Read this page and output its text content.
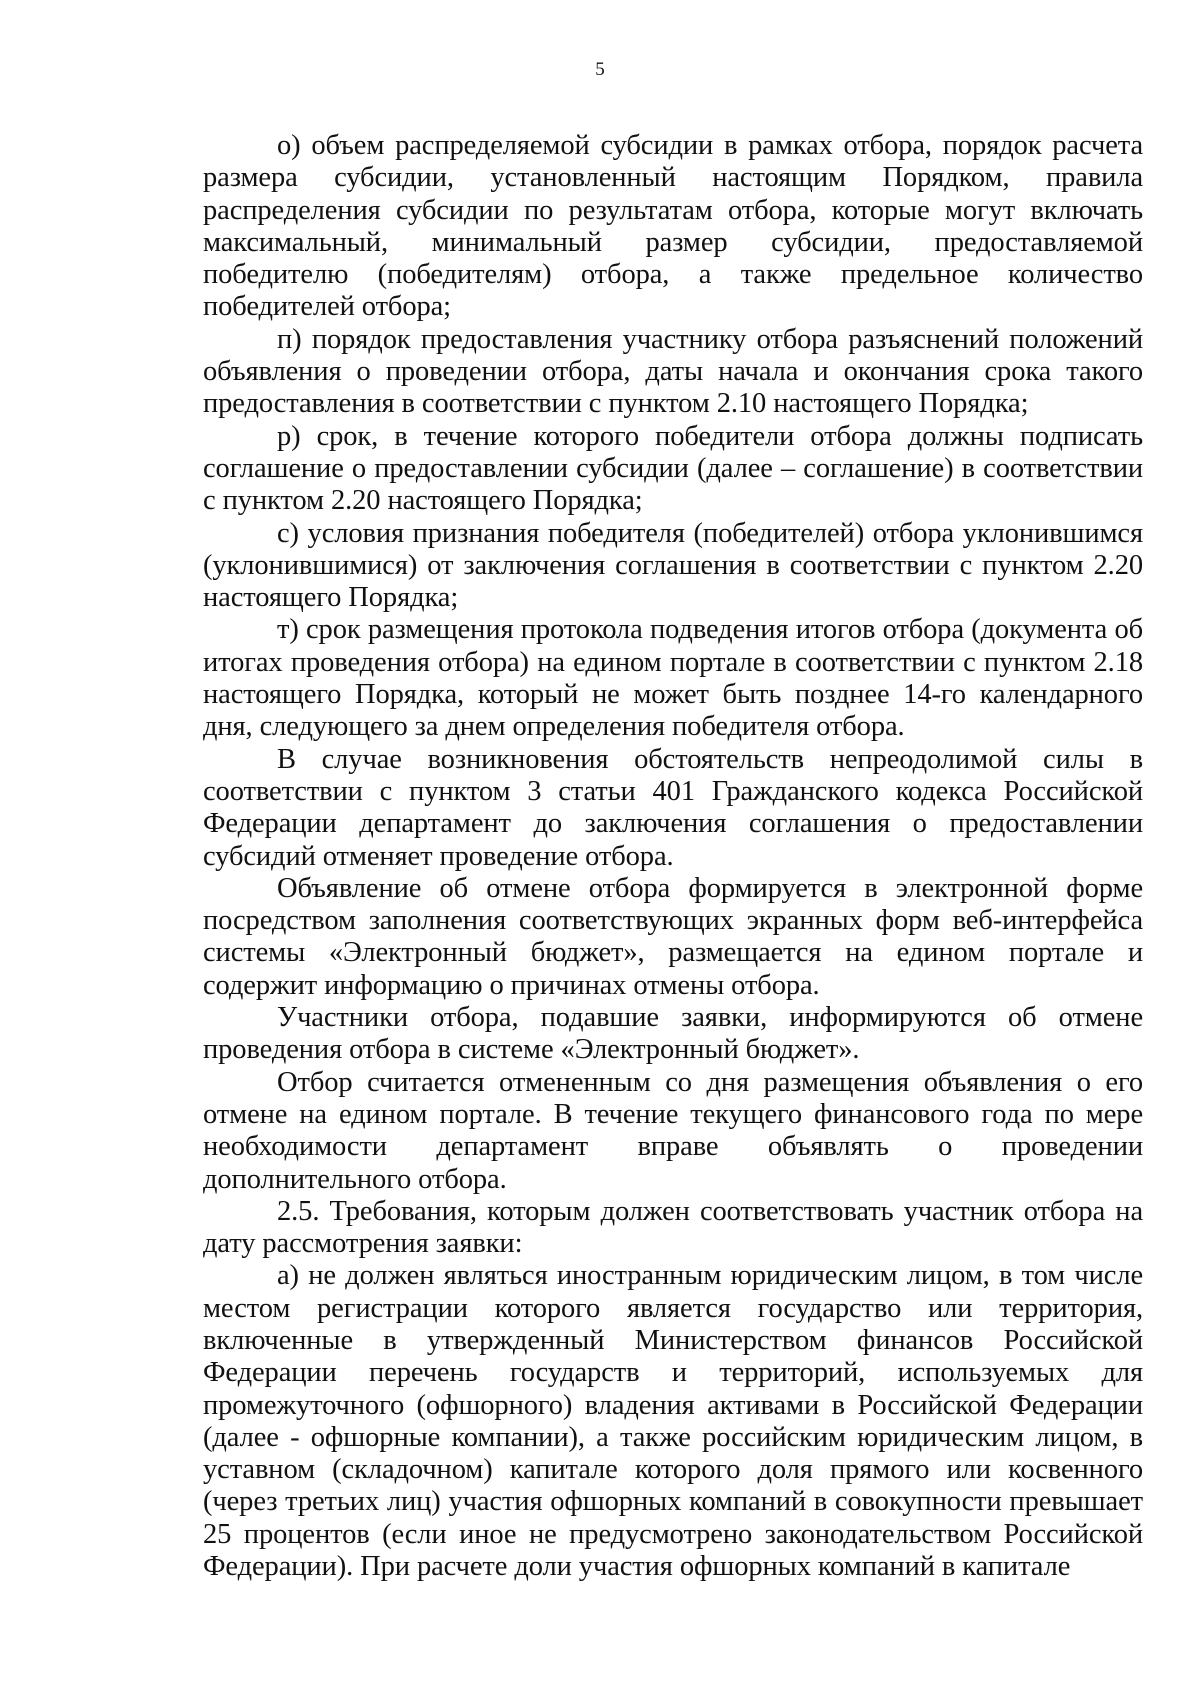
5

о) объем распределяемой субсидии в рамках отбора, порядок расчета размера субсидии, установленный настоящим Порядком, правила распределения субсидии по результатам отбора, которые могут включать максимальный, минимальный размер субсидии, предоставляемой победителю (победителям) отбора, а также предельное количество победителей отбора;

п) порядок предоставления участнику отбора разъяснений положений объявления о проведении отбора, даты начала и окончания срока такого предоставления в соответствии с пунктом 2.10 настоящего Порядка;

р) срок, в течение которого победители отбора должны подписать соглашение о предоставлении субсидии (далее – соглашение) в соответствии с пунктом 2.20 настоящего Порядка;

с) условия признания победителя (победителей) отбора уклонившимся (уклонившимися) от заключения соглашения в соответствии с пунктом 2.20 настоящего Порядка;

т) срок размещения протокола подведения итогов отбора (документа об итогах проведения отбора) на едином портале в соответствии с пунктом 2.18 настоящего Порядка, который не может быть позднее 14-го календарного дня, следующего за днем определения победителя отбора.

В случае возникновения обстоятельств непреодолимой силы в соответствии с пунктом 3 статьи 401 Гражданского кодекса Российской Федерации департамент до заключения соглашения о предоставлении субсидий отменяет проведение отбора.

Объявление об отмене отбора формируется в электронной форме посредством заполнения соответствующих экранных форм веб-интерфейса системы «Электронный бюджет», размещается на едином портале и содержит информацию о причинах отмены отбора.

Участники отбора, подавшие заявки, информируются об отмене проведения отбора в системе «Электронный бюджет».

Отбор считается отмененным со дня размещения объявления о его отмене на едином портале. В течение текущего финансового года по мере необходимости департамент вправе объявлять о проведении дополнительного отбора.

2.5. Требования, которым должен соответствовать участник отбора на дату рассмотрения заявки:

а) не должен являться иностранным юридическим лицом, в том числе местом регистрации которого является государство или территория, включенные в утвержденный Министерством финансов Российской Федерации перечень государств и территорий, используемых для промежуточного (офшорного) владения активами в Российской Федерации (далее - офшорные компании), а также российским юридическим лицом, в уставном (складочном) капитале которого доля прямого или косвенного (через третьих лиц) участия офшорных компаний в совокупности превышает 25 процентов (если иное не предусмотрено законодательством Российской Федерации). При расчете доли участия офшорных компаний в капитале
